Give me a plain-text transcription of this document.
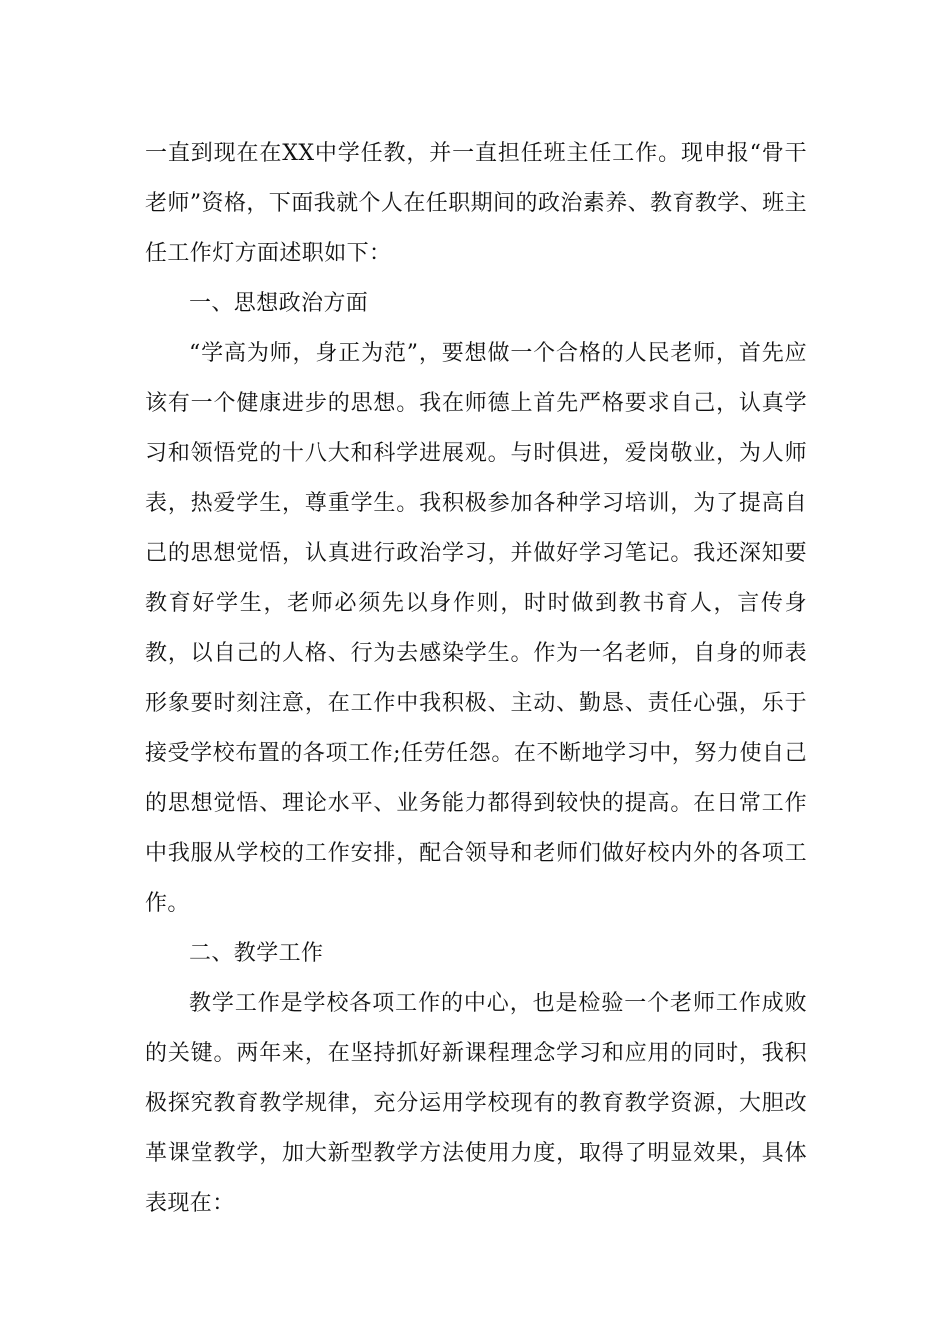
一直到现在在XX中学任教，并一直担任班主任工作。现申报“骨干老师”资格，下面我就个人在任职期间的政治素养、教育教学、班主任工作灯方面述职如下：

一、思想政治方面

“学高为师，身正为范”，要想做一个合格的人民老师，首先应该有一个健康进步的思想。我在师德上首先严格要求自己，认真学习和领悟党的十八大和科学进展观。与时俱进，爱岗敬业，为人师表，热爱学生，尊重学生。我积极参加各种学习培训，为了提高自己的思想觉悟，认真进行政治学习，并做好学习笔记。我还深知要教育好学生，老师必须先以身作则，时时做到教书育人，言传身教，以自己的人格、行为去感染学生。作为一名老师，自身的师表形象要时刻注意，在工作中我积极、主动、勤恳、责任心强，乐于接受学校布置的各项工作;任劳任怨。在不断地学习中，努力使自己的思想觉悟、理论水平、业务能力都得到较快的提高。在日常工作中我服从学校的工作安排，配合领导和老师们做好校内外的各项工作。

二、教学工作

教学工作是学校各项工作的中心，也是检验一个老师工作成败的关键。两年来，在坚持抓好新课程理念学习和应用的同时，我积极探究教育教学规律，充分运用学校现有的教育教学资源，大胆改革课堂教学，加大新型教学方法使用力度，取得了明显效果，具体表现在：
